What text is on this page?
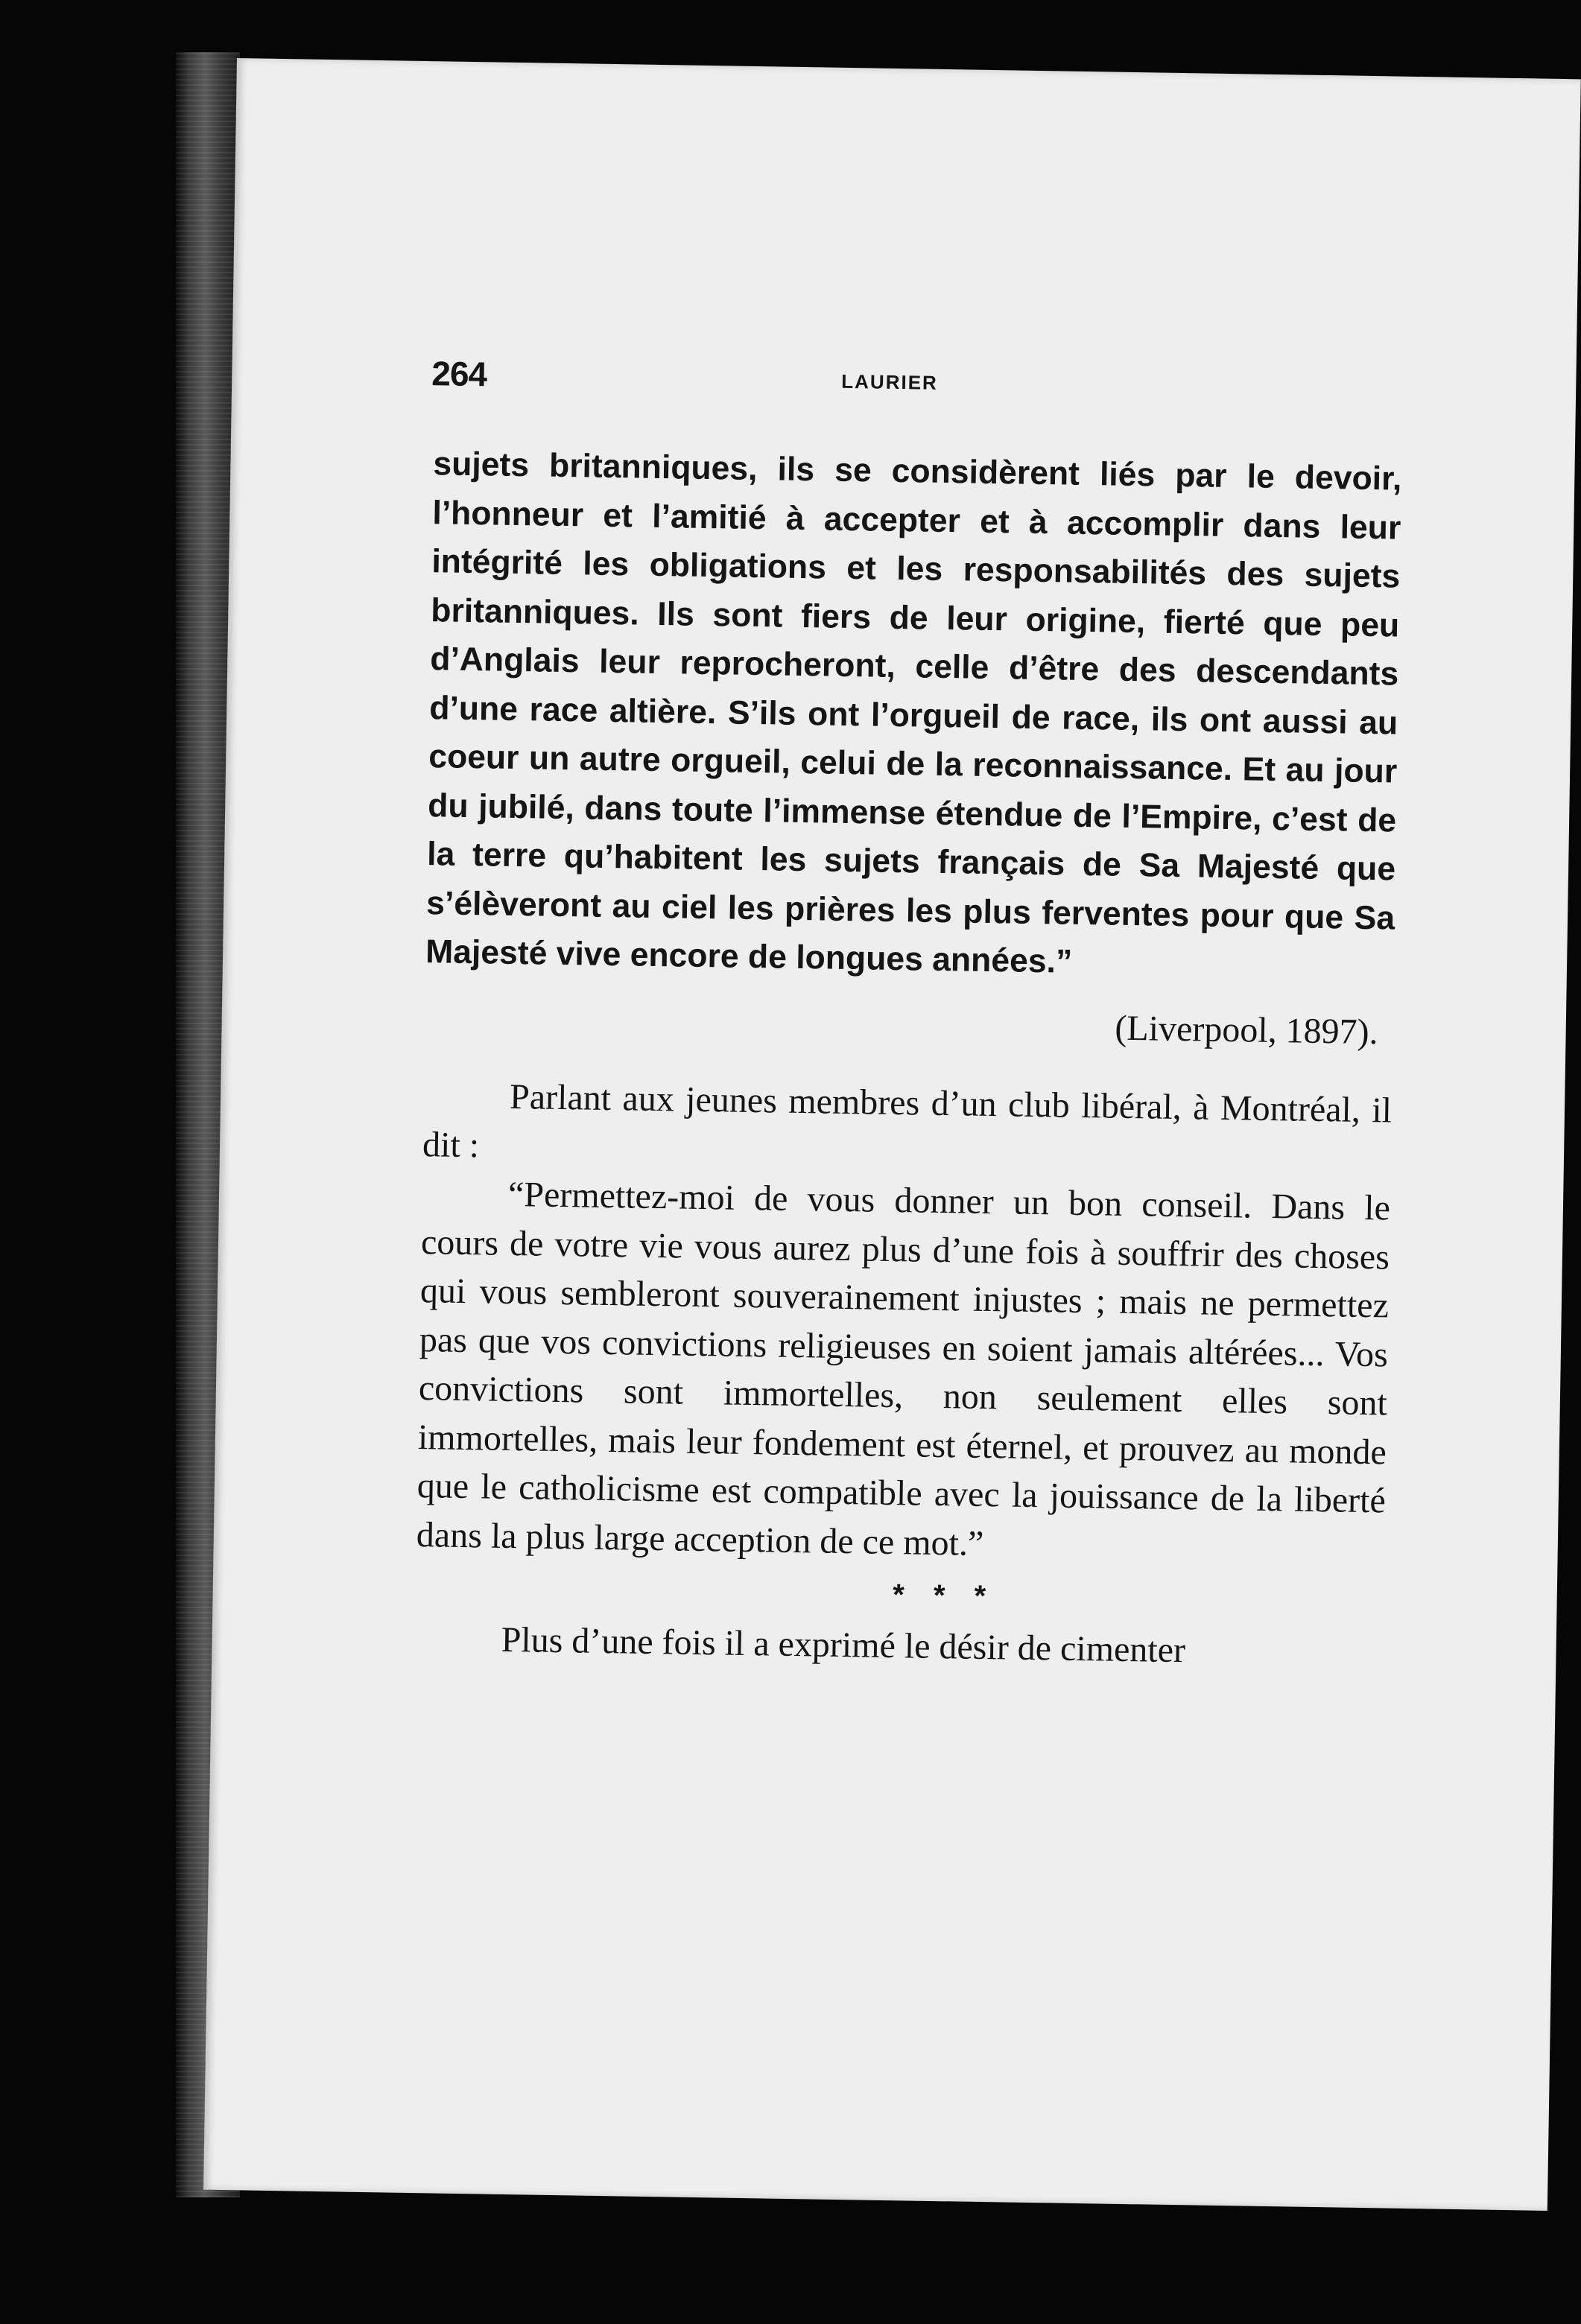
264	LAURIER

sujets britanniques, ils se considèrent liés par le devoir, l’honneur et l’amitié à accepter et à accomplir dans leur intégrité les obligations et les responsabilités des sujets britanniques. Ils sont fiers de leur origine, fierté que peu d’Anglais leur reprocheront, celle d’être des descendants d’une race altière. S’ils ont l’orgueil de race, ils ont aussi au coeur un autre orgueil, celui de la reconnaissance. Et au jour du jubilé, dans toute l’immense étendue de l’Empire, c’est de la terre qu’habitent les sujets français de Sa Majesté que s’élèveront au ciel les prières les plus ferventes pour que Sa Majesté vive encore de longues années.”

(Liverpool, 1897).

Parlant aux jeunes membres d’un club libéral, à Montréal, il dit :

“Permettez-moi de vous donner un bon conseil. Dans le cours de votre vie vous aurez plus d’une fois à souffrir des choses qui vous sembleront souverainement injustes ; mais ne permettez pas que vos convictions religieuses en soient jamais altérées... Vos convictions sont immortelles, non seulement elles sont immortelles, mais leur fondement est éternel, et prouvez au monde que le catholicisme est compatible avec la jouissance de la liberté dans la plus large acception de ce mot.”

* * *

Plus d’une fois il a exprimé le désir de cimenter
